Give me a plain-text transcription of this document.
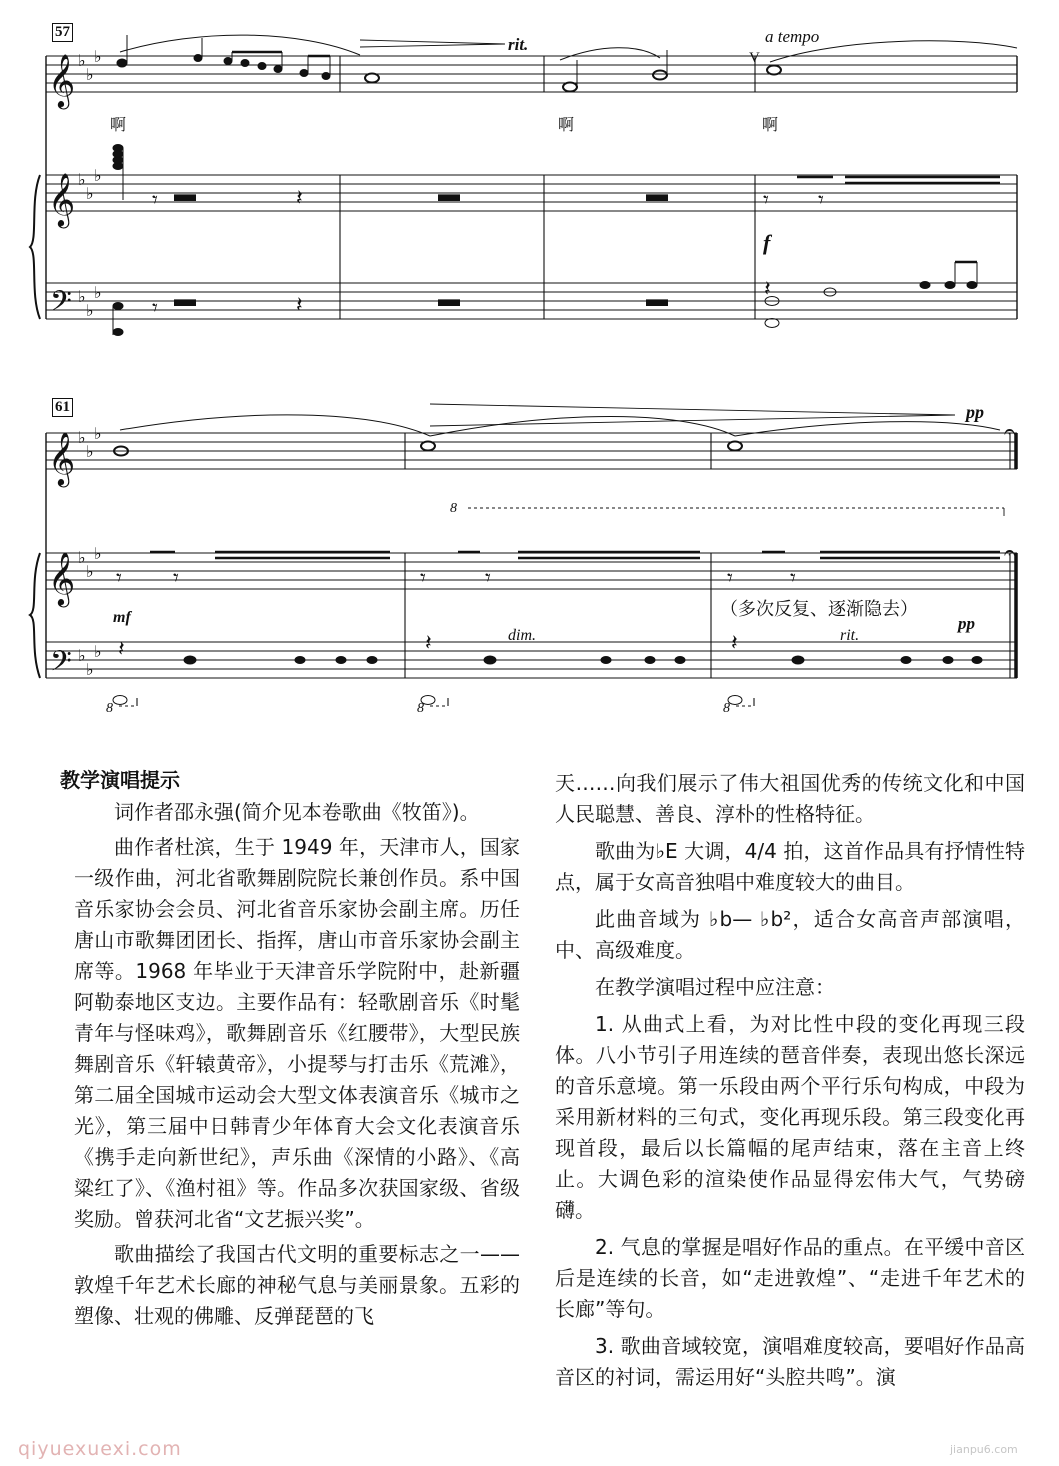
𝄞
𝄞
𝄞
𝄞
𝄢
𝄢
♭
♭
♭
♭
♭
♭
♭
♭
♭
♭
♭
♭
♭
♭
♭
♭
♭
♭
𝄾 ▬	𝄽	▬	▬
𝄾 ▬	𝄽	▬	▬
𝄾 𝄾
𝄾 𝄾	𝄾	𝄾	𝄾	𝄾
𝄽	𝄽	𝄽
𝄽
rit.
V
a tempo
啊	啊	啊
f
pp
mf	pp
dim.	rit.
8
8	8	8
（多次反复、逐渐隐去）
𝄐
𝄐
57
61
教学演唱提示

词作者邵永强(简介见本卷歌曲《牧笛》)。

曲作者杜滨，生于 1949 年，天津市人，国家一级作曲，河北省歌舞剧院院长兼创作员。系中国音乐家协会会员、河北省音乐家协会副主席。历任唐山市歌舞团团长、指挥，唐山市音乐家协会副主席等。1968 年毕业于天津音乐学院附中，赴新疆阿勒泰地区支边。主要作品有：轻歌剧音乐《时髦青年与怪味鸡》，歌舞剧音乐《红腰带》，大型民族舞剧音乐《轩辕黄帝》，小提琴与打击乐《荒滩》，第二届全国城市运动会大型文体表演音乐《城市之光》，第三届中日韩青少年体育大会文化表演音乐《携手走向新世纪》，声乐曲《深情的小路》、《高粱红了》、《渔村祖》等。作品多次获国家级、省级奖励。曾获河北省“文艺振兴奖”。

歌曲描绘了我国古代文明的重要标志之一——敦煌千年艺术长廊的神秘气息与美丽景象。五彩的塑像、壮观的佛雕、反弹琵琶的飞

天……向我们展示了伟大祖国优秀的传统文化和中国人民聪慧、善良、淳朴的性格特征。

歌曲为♭E 大调，4/4 拍，这首作品具有抒情性特点，属于女高音独唱中难度较大的曲目。

此曲音域为 ♭b— ♭b²，适合女高音声部演唱，中、高级难度。

在教学演唱过程中应注意：

1. 从曲式上看，为对比性中段的变化再现三段体。八小节引子用连续的琶音伴奏，表现出悠长深远的音乐意境。第一乐段由两个平行乐句构成，中段为采用新材料的三句式，变化再现乐段。第三段变化再现首段，最后以长篇幅的尾声结束，落在主音上终止。大调色彩的渲染使作品显得宏伟大气，气势磅礴。

2. 气息的掌握是唱好作品的重点。在平缓中音区后是连续的长音，如“走进敦煌”、“走进千年艺术的长廊”等句。

3. 歌曲音域较宽，演唱难度较高，要唱好作品高音区的衬词，需运用好“头腔共鸣”。演

qiyuexuexi.com	jianpu6.com
